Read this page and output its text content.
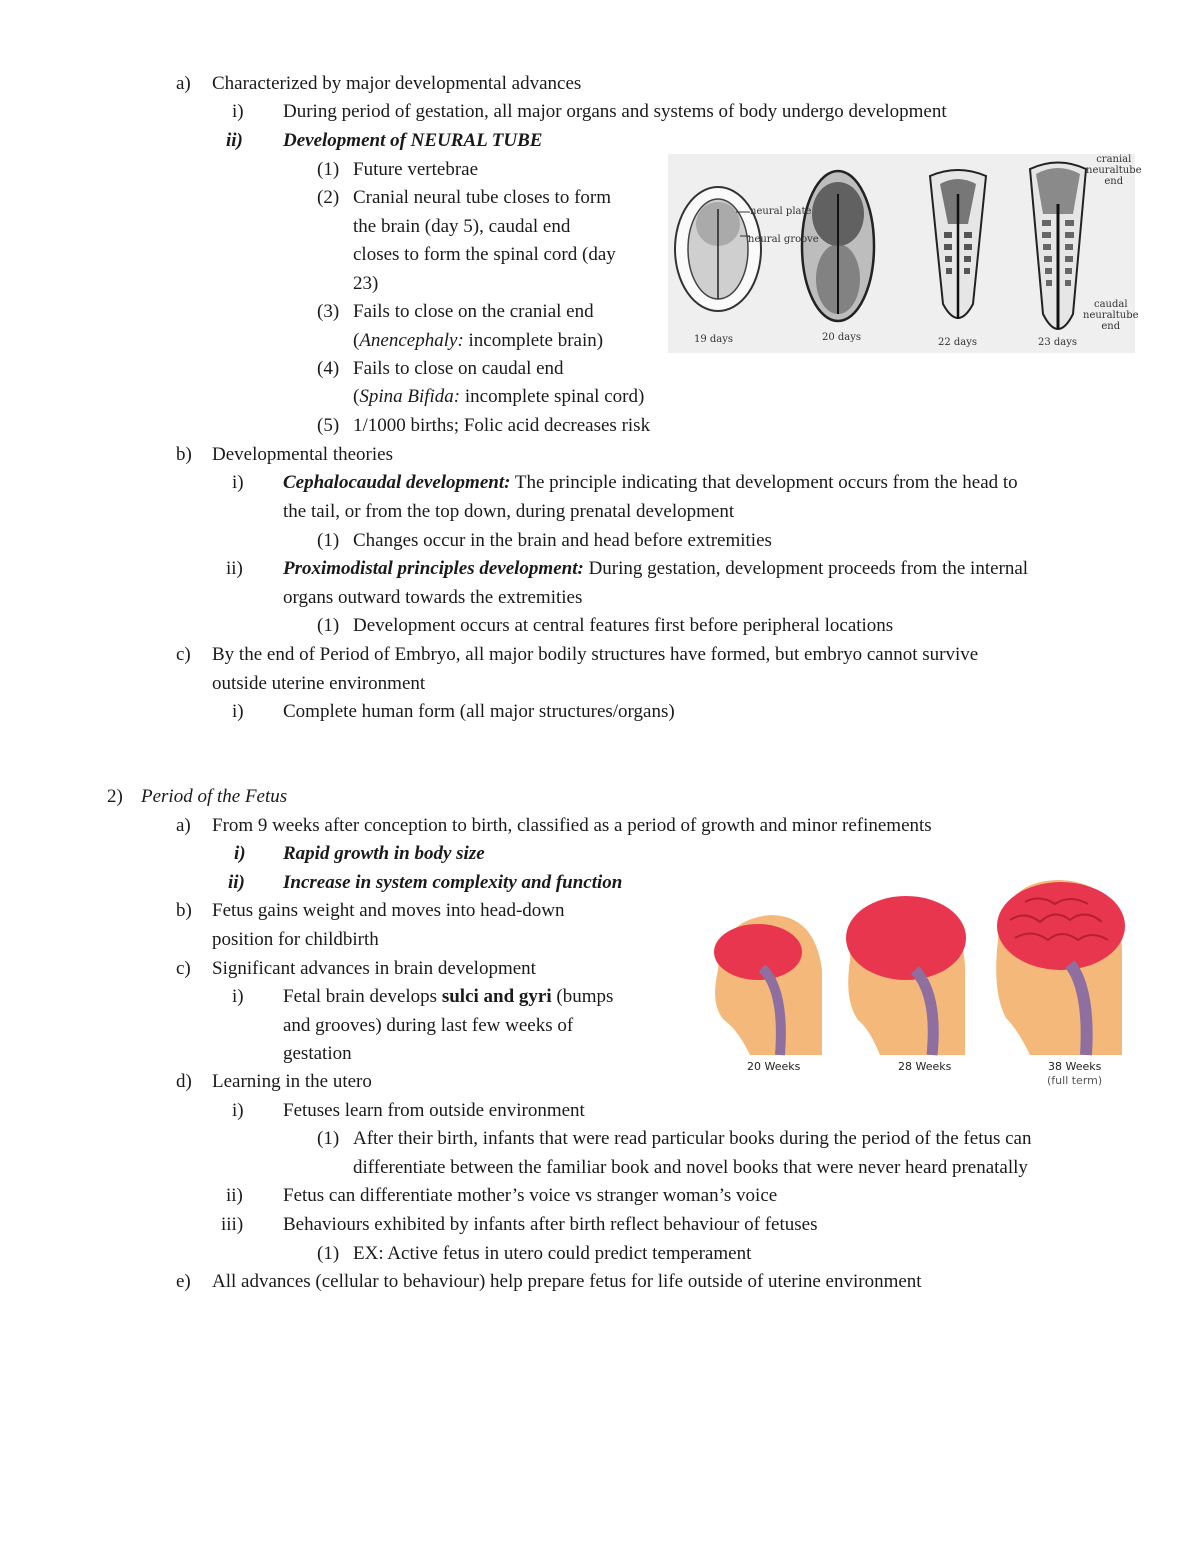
a) Characterized by major developmental advances
i) During period of gestation, all major organs and systems of body undergo development
ii) Development of NEURAL TUBE
(1) Future vertebrae
(2) Cranial neural tube closes to form
the brain (day 5), caudal end
closes to form the spinal cord (day
23)
(3) Fails to close on the cranial end
(Anencephaly: incomplete brain)
(4) Fails to close on caudal end
(Spina Bifida: incomplete spinal cord)
(5) 1/1000 births; Folic acid decreases risk
b) Developmental theories
i) Cephalocaudal development: The principle indicating that development occurs from the head to
the tail, or from the top down, during prenatal development
(1) Changes occur in the brain and head before extremities
ii) Proximodistal principles development: During gestation, development proceeds from the internal
organs outward towards the extremities
(1) Development occurs at central features first before peripheral locations
c) By the end of Period of Embryo, all major bodily structures have formed, but embryo cannot survive
outside uterine environment
i) Complete human form (all major structures/organs)
neural plate
neural groove
cranial
neuraltube
end
caudal
neuraltube
end
19 days	20 days	22 days	23 days
2) Period of the Fetus
a) From 9 weeks after conception to birth, classified as a period of growth and minor refinements
i) Rapid growth in body size
ii) Increase in system complexity and function
b) Fetus gains weight and moves into head-down
position for childbirth
c) Significant advances in brain development
i) Fetal brain develops sulci and gyri (bumps
and grooves) during last few weeks of
gestation
d) Learning in the utero
i) Fetuses learn from outside environment
(1) After their birth, infants that were read particular books during the period of the fetus can
differentiate between the familiar book and novel books that were never heard prenatally
ii) Fetus can differentiate mother’s voice vs stranger woman’s voice
iii) Behaviours exhibited by infants after birth reflect behaviour of fetuses
(1) EX: Active fetus in utero could predict temperament
e) All advances (cellular to behaviour) help prepare fetus for life outside of uterine environment
20 Weeks	28 Weeks	38 Weeks
(full term)
